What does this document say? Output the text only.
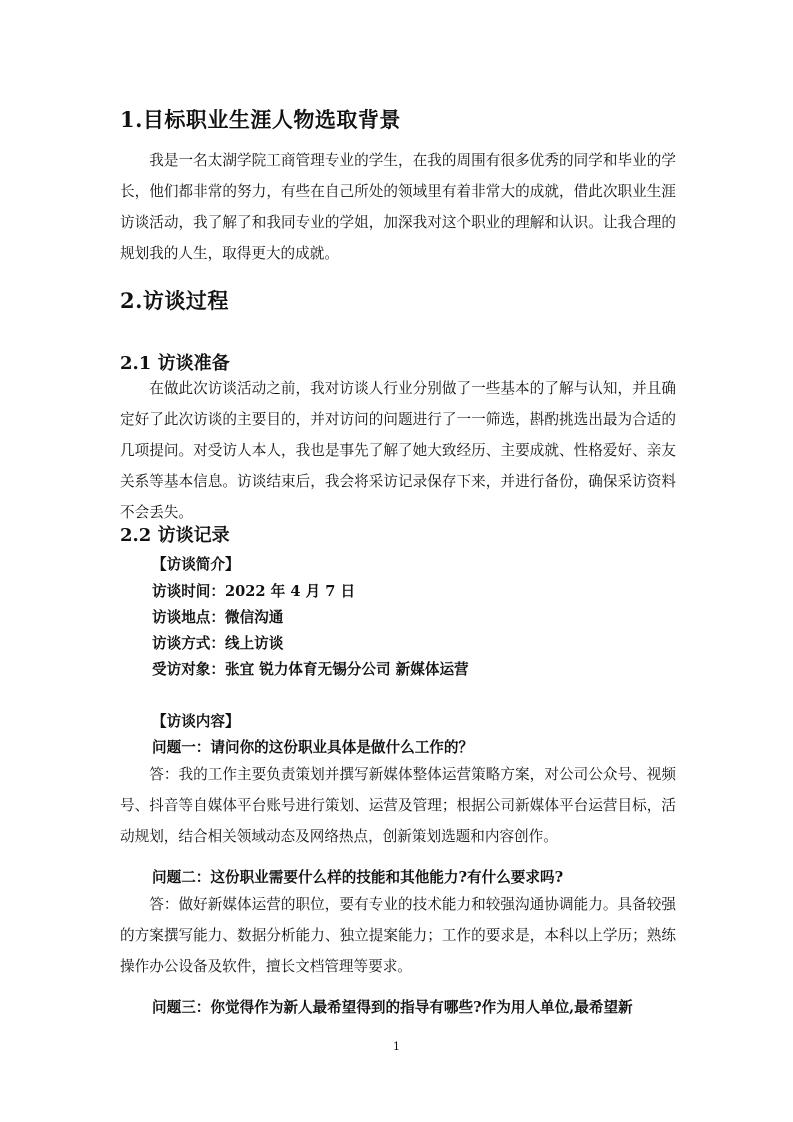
1.目标职业生涯人物选取背景

我是一名太湖学院工商管理专业的学生，在我的周围有很多优秀的同学和毕业的学长，他们都非常的努力，有些在自己所处的领域里有着非常大的成就，借此次职业生涯访谈活动，我了解了和我同专业的学姐，加深我对这个职业的理解和认识。让我合理的规划我的人生，取得更大的成就。

2.访谈过程
2.1 访谈准备

在做此次访谈活动之前，我对访谈人行业分别做了一些基本的了解与认知，并且确定好了此次访谈的主要目的，并对访问的问题进行了一一筛选，斟酌挑选出最为合适的几项提问。对受访人本人，我也是事先了解了她大致经历、主要成就、性格爱好、亲友关系等基本信息。访谈结束后，我会将采访记录保存下来，并进行备份，确保采访资料不会丢失。

2.2 访谈记录

【访谈简介】

访谈时间：2022 年 4 月 7 日

访谈地点：微信沟通

访谈方式：线上访谈

受访对象：张宜 锐力体育无锡分公司 新媒体运营

【访谈内容】

问题一：请问你的这份职业具体是做什么工作的？

答：我的工作主要负责策划并撰写新媒体整体运营策略方案，对公司公众号、视频号、抖音等自媒体平台账号进行策划、运营及管理；根据公司新媒体平台运营目标，活动规划，结合相关领域动态及网络热点，创新策划选题和内容创作。

问题二：这份职业需要什么样的技能和其他能力?有什么要求吗?

答：做好新媒体运营的职位，要有专业的技术能力和较强沟通协调能力。具备较强的方案撰写能力、数据分析能力、独立提案能力；工作的要求是，本科以上学历；熟练操作办公设备及软件，擅长文档管理等要求。

问题三：你觉得作为新人最希望得到的指导有哪些?作为用人单位,最希望新

1
